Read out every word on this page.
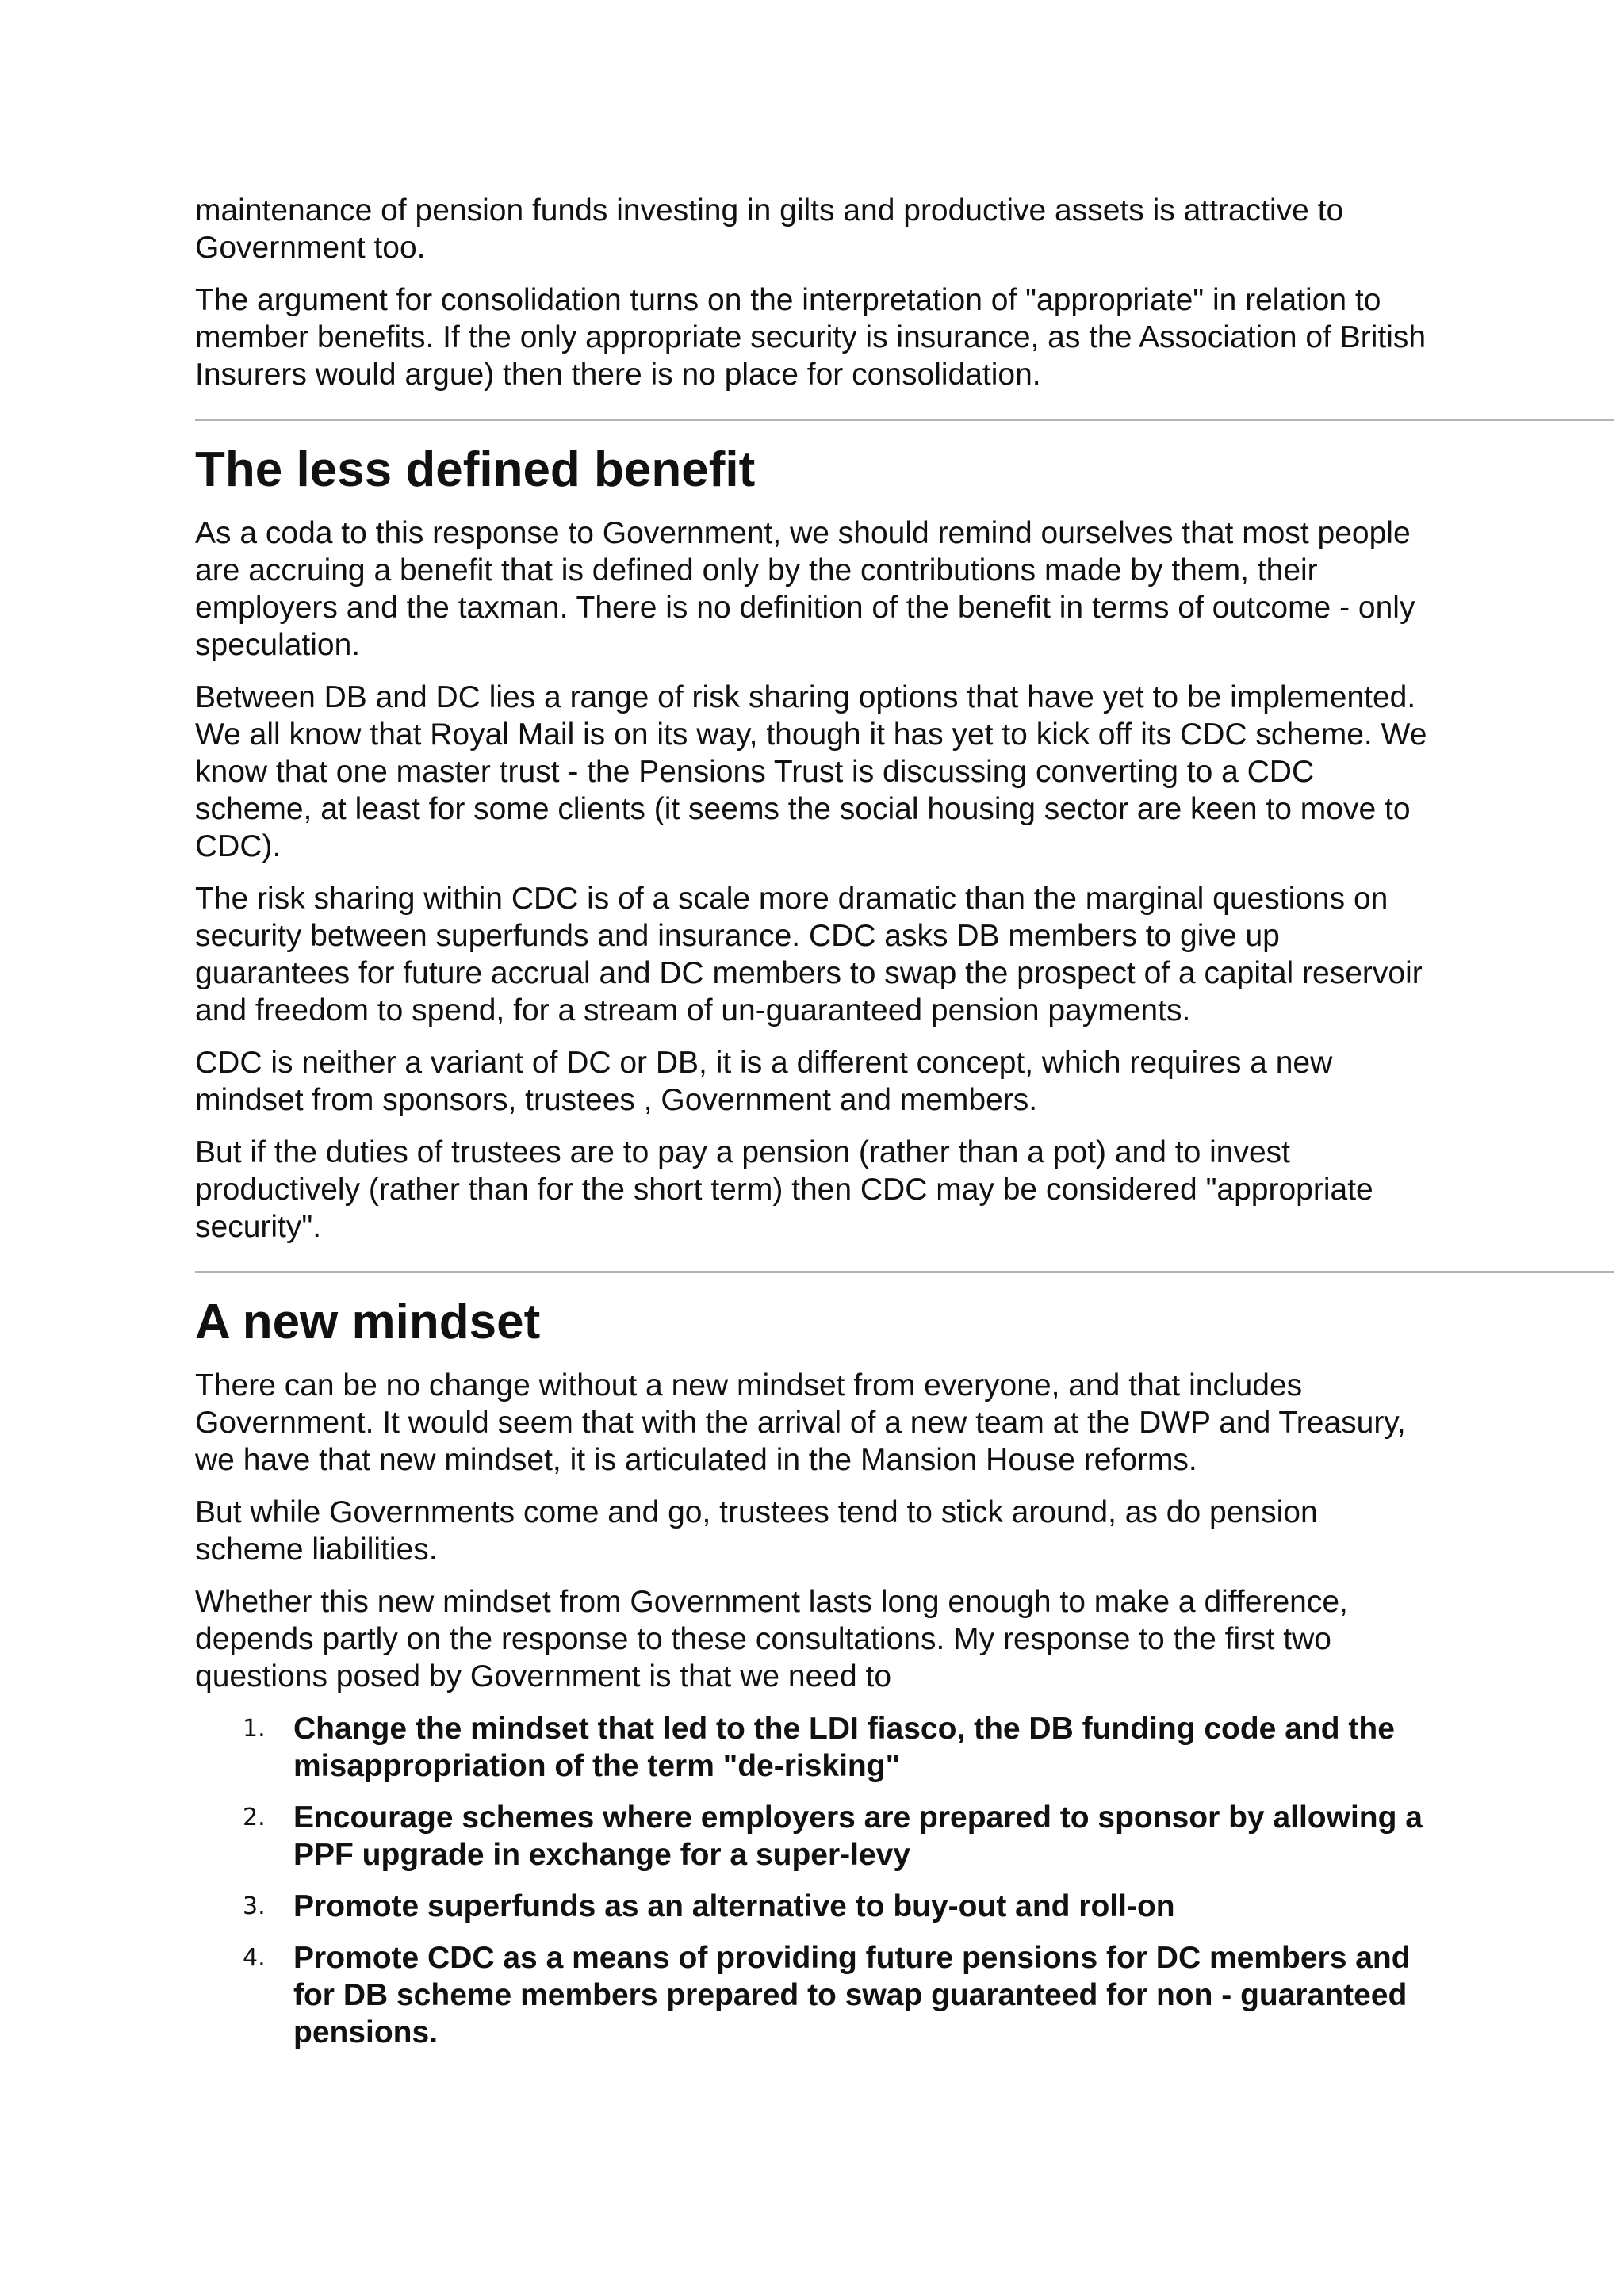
maintenance of pension funds investing in gilts and productive assets is attractive to Government too.

The argument for consolidation turns on the interpretation of "appropriate" in relation to member benefits. If the only appropriate security is insurance, as the Association of British Insurers would argue) then there is no place for consolidation.

The less defined benefit

As a coda to this response to Government, we should remind ourselves that most people are accruing a benefit that is defined only by the contributions made by them, their employers and the taxman. There is no definition of the benefit in terms of outcome - only speculation.

Between DB and DC lies a range of risk sharing options that have yet to be implemented. We all know that Royal Mail is on its way, though it has yet to kick off its CDC scheme. We know that one master trust - the Pensions Trust is discussing converting to a CDC scheme, at least for some clients (it seems the social housing sector are keen to move to CDC).

The risk sharing within CDC is of a scale more dramatic than the marginal questions on security between superfunds and insurance. CDC asks DB members to give up guarantees for future accrual and DC members to swap the prospect of a capital reservoir and freedom to spend, for a stream of un-guaranteed pension payments.

CDC is neither a variant of DC or DB, it is a different concept, which requires a new mindset from sponsors, trustees , Government and members.

But if the duties of trustees are to pay a pension (rather than a pot) and to invest productively (rather than for the short term) then CDC may be considered "appropriate security".

A new mindset

There can be no change without a new mindset from everyone, and that includes Government. It would seem that with the arrival of a new team at the DWP and Treasury, we have that new mindset, it is articulated in the Mansion House reforms.

But while Governments come and go, trustees tend to stick around, as do pension scheme liabilities.

Whether this new mindset from Government lasts long enough to make a difference, depends partly on the response to these consultations. My response to the first two questions posed by Government is that we need to

1. Change the mindset that led to the LDI fiasco, the DB funding code and the misappropriation of the term "de-risking"
2. Encourage schemes where employers are prepared to sponsor by allowing a PPF upgrade in exchange for a super-levy
3. Promote superfunds as an alternative to buy-out and roll-on
4. Promote CDC as a means of providing future pensions for DC members and for DB scheme members prepared to swap guaranteed for non - guaranteed pensions.
